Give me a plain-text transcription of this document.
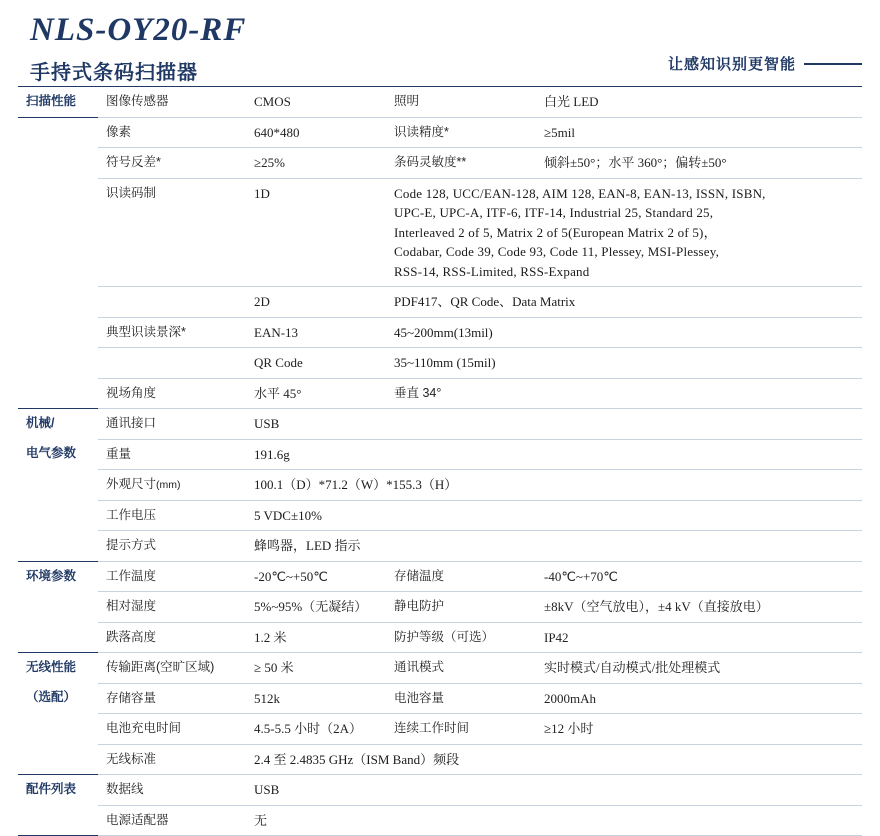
NLS-OY20-RF
手持式条码扫描器	让感知识别更智能
扫描性能	图像传感器	CMOS	照明	白光 LED
	像素	640*480	识读精度*	≥5mil
	符号反差*	≥25%	条码灵敏度**	倾斜±50°；水平 360°；偏转±50°
	识读码制	1D	Code 128, UCC/EAN-128, AIM 128, EAN-8, EAN-13, ISSN, ISBN,
UPC-E, UPC-A, ITF-6, ITF-14, Industrial 25, Standard 25,
Interleaved 2 of 5, Matrix 2 of 5(European Matrix 2 of 5)，
Codabar, Code 39, Code 93, Code 11, Plessey, MSI-Plessey,
RSS-14, RSS-Limited, RSS-Expand	

		2D	PDF417、QR Code、Data Matrix	
	典型识读景深*	EAN-13	45~200mm(13mil)	
		QR Code	35~110mm (15mil)	
	视场角度	水平 45°	垂直 34°	
机械/	通讯接口	USB		
电气参数	重量	191.6g		
	外观尺寸(mm)	100.1（D）*71.2（W）*155.3（H）		
	工作电压	5 VDC±10%		
	提示方式	蜂鸣器，LED 指示		
环境参数	工作温度	-20℃~+50℃	存储温度	-40℃~+70℃
	相对湿度	5%~95%（无凝结）	静电防护	±8kV（空气放电），±4 kV（直接放电）
	跌落高度	1.2 米	防护等级（可选）	IP42
无线性能	传输距离(空旷区域)	≥ 50 米	通讯模式	实时模式/自动模式/批处理模式
（选配）	存储容量	512k	电池容量	2000mAh
	电池充电时间	4.5-5.5 小时（2A）	连续工作时间	≥12 小时
	无线标准	2.4 至 2.4835 GHz（ISM Band）频段		
配件列表	数据线	USB		
	电源适配器	无		
